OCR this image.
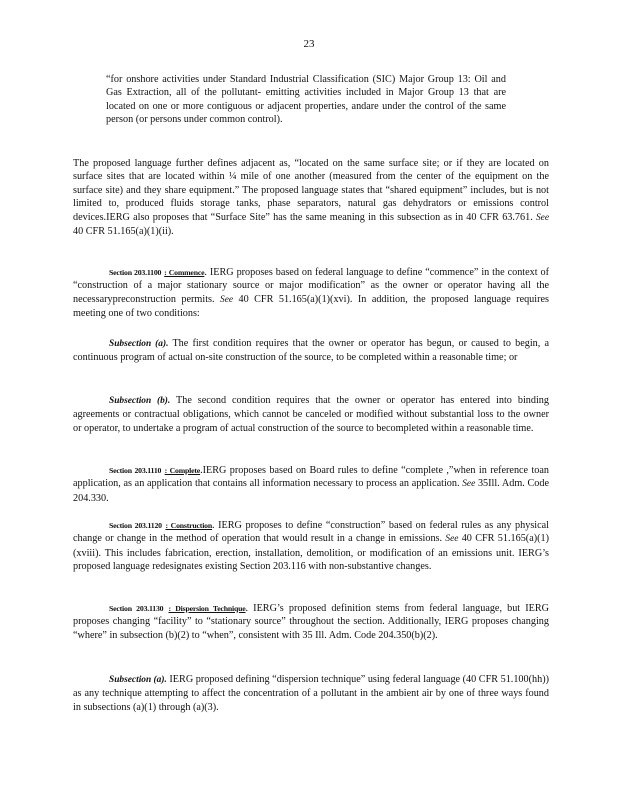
23
“for onshore activities under Standard Industrial Classification (SIC) Major Group 13: Oil and Gas Extraction, all of the pollutant- emitting activities included in Major Group 13 that are located on one or more contiguous or adjacent properties, andare under the control of the same person (or persons under common control).
The proposed language further defines adjacent as, “located on the same surface site; or if they are located on surface sites that are located within ¼ mile of one another (measured from the center of the equipment on the surface site) and they share equipment.” The proposed language states that “shared equipment” includes, but is not limited to, produced fluids storage tanks, phase separators, natural gas dehydrators or emissions control devices.IERG also proposes that “Surface Site” has the same meaning in this subsection as in 40 CFR 63.761. See 40 CFR 51.165(a)(1)(ii).
Section 203.1100 : Commence. IERG proposes based on federal language to define “commence” in the context of “construction of a major stationary source or major modification” as the owner or operator having all the necessarypreconstruction permits. See 40 CFR 51.165(a)(1)(xvi). In addition, the proposed language requires meeting one of two conditions:
Subsection (a). The first condition requires that the owner or operator has begun, or caused to begin, a continuous program of actual on-site construction of the source, to be completed within a reasonable time; or
Subsection (b). The second condition requires that the owner or operator has entered into binding agreements or contractual obligations, which cannot be canceled or modified without substantial loss to the owner or operator, to undertake a program of actual construction of the source to becompleted within a reasonable time.
Section 203.1110 : Complete.IERG proposes based on Board rules to define “complete ,”when in reference toan application, as an application that contains all information necessary to process an application. See 35Ill. Adm. Code 204.330.
Section 203.1120 : Construction. IERG proposes to define “construction” based on federal rules as any physical change or change in the method of operation that would result in a change in emissions. See 40 CFR 51.165(a)(1)(xviii). This includes fabrication, erection, installation, demolition, or modification of an emissions unit. IERG’s proposed language redesignates existing Section 203.116 with non-substantive changes.
Section 203.1130 : Dispersion Technique. IERG’s proposed definition stems from federal language, but IERG proposes changing “facility” to “stationary source” throughout the section. Additionally, IERG proposes changing “where” in subsection (b)(2) to “when”, consistent with 35 Ill. Adm. Code 204.350(b)(2).
Subsection (a). IERG proposed defining “dispersion technique” using federal language (40 CFR 51.100(hh)) as any technique attempting to affect the concentration of a pollutant in the ambient air by one of three ways found in subsections (a)(1) through (a)(3).
